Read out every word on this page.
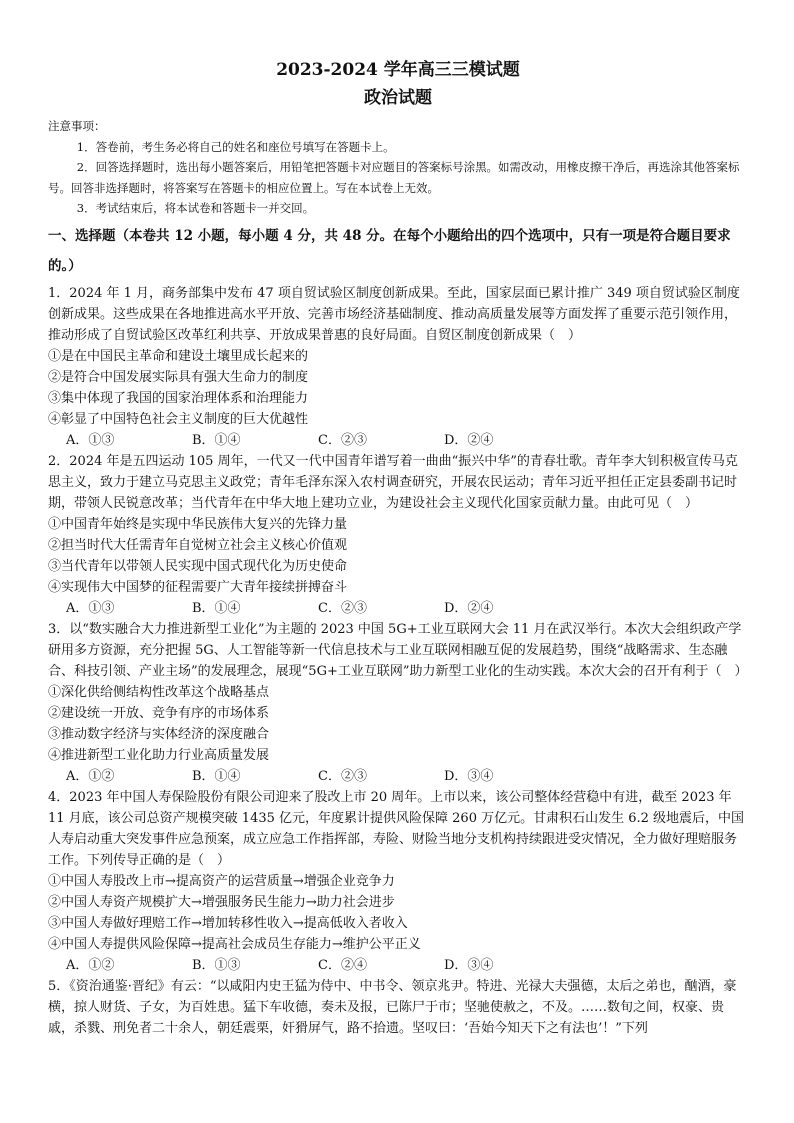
2023-2024 学年高三三模试题
政治试题

注意事项：

1．答卷前，考生务必将自己的姓名和座位号填写在答题卡上。

2．回答选择题时，选出每小题答案后，用铅笔把答题卡对应题目的答案标号涂黑。如需改动，用橡皮擦干净后，再选涂其他答案标号。回答非选择题时，将答案写在答题卡的相应位置上。写在本试卷上无效。

3．考试结束后，将本试卷和答题卡一并交回。

一、选择题（本卷共 12 小题，每小题 4 分，共 48 分。在每个小题给出的四个选项中，只有一项是符合题目要求的。）

1．2024 年 1 月，商务部集中发布 47 项自贸试验区制度创新成果。至此，国家层面已累计推广 349 项自贸试验区制度创新成果。这些成果在各地推进高水平开放、完善市场经济基础制度、推动高质量发展等方面发挥了重要示范引领作用，推动形成了自贸试验区改革红利共享、开放成果普惠的良好局面。自贸区制度创新成果（　）

①是在中国民主革命和建设土壤里成长起来的

②是符合中国发展实际具有强大生命力的制度

③集中体现了我国的国家治理体系和治理能力

④彰显了中国特色社会主义制度的巨大优越性

A．①③	B．①④	C．②③	D．②④

2．2024 年是五四运动 105 周年，一代又一代中国青年谱写着一曲曲“振兴中华”的青春壮歌。青年李大钊积极宣传马克思主义，致力于建立马克思主义政党；青年毛泽东深入农村调查研究，开展农民运动；青年习近平担任正定县委副书记时期，带领人民锐意改革；当代青年在中华大地上建功立业，为建设社会主义现代化国家贡献力量。由此可见（　）

①中国青年始终是实现中华民族伟大复兴的先锋力量

②担当时代大任需青年自觉树立社会主义核心价值观

③当代青年以带领人民实现中国式现代化为历史使命

④实现伟大中国梦的征程需要广大青年接续拼搏奋斗

A．①③	B．①④	C．②③	D．②④

3．以“数实融合大力推进新型工业化”为主题的 2023 中国 5G+工业互联网大会 11 月在武汉举行。本次大会组织政产学研用多方资源，充分把握 5G、人工智能等新一代信息技术与工业互联网相融互促的发展趋势，围绕“战略需求、生态融合、科技引领、产业主场”的发展理念，展现“5G+工业互联网”助力新型工业化的生动实践。本次大会的召开有利于（　）

①深化供给侧结构性改革这个战略基点

②建设统一开放、竞争有序的市场体系

③推动数字经济与实体经济的深度融合

④推进新型工业化助力行业高质量发展

A．①②	B．①④	C．②③	D．③④

4．2023 年中国人寿保险股份有限公司迎来了股改上市 20 周年。上市以来，该公司整体经营稳中有进，截至 2023 年 11 月底，该公司总资产规模突破 1435 亿元，年度累计提供风险保障 260 万亿元。甘肃积石山发生 6.2 级地震后，中国人寿启动重大突发事件应急预案，成立应急工作指挥部，寿险、财险当地分支机构持续跟进受灾情况，全力做好理赔服务工作。下列传导正确的是（　）

①中国人寿股改上市→提高资产的运营质量→增强企业竞争力

②中国人寿资产规模扩大→增强服务民生能力→助力社会进步

③中国人寿做好理赔工作→增加转移性收入→提高低收入者收入

④中国人寿提供风险保障→提高社会成员生存能力→维护公平正义

A．①②	B．①③	C．②④	D．③④

5．《资治通鉴·晋纪》有云：“以咸阳内史王猛为侍中、中书令、领京兆尹。特进、光禄大夫强德，太后之弟也，酗酒，豪横，掠人财货、子女，为百姓患。猛下车收德，奏未及报，已陈尸于市；坚驰使赦之，不及。……数旬之间，权豪、贵戚，杀戮、刑免者二十余人，朝廷震栗，奸猾屏气，路不拾遗。坚叹曰：‘吾始今知天下之有法也’！”下列
